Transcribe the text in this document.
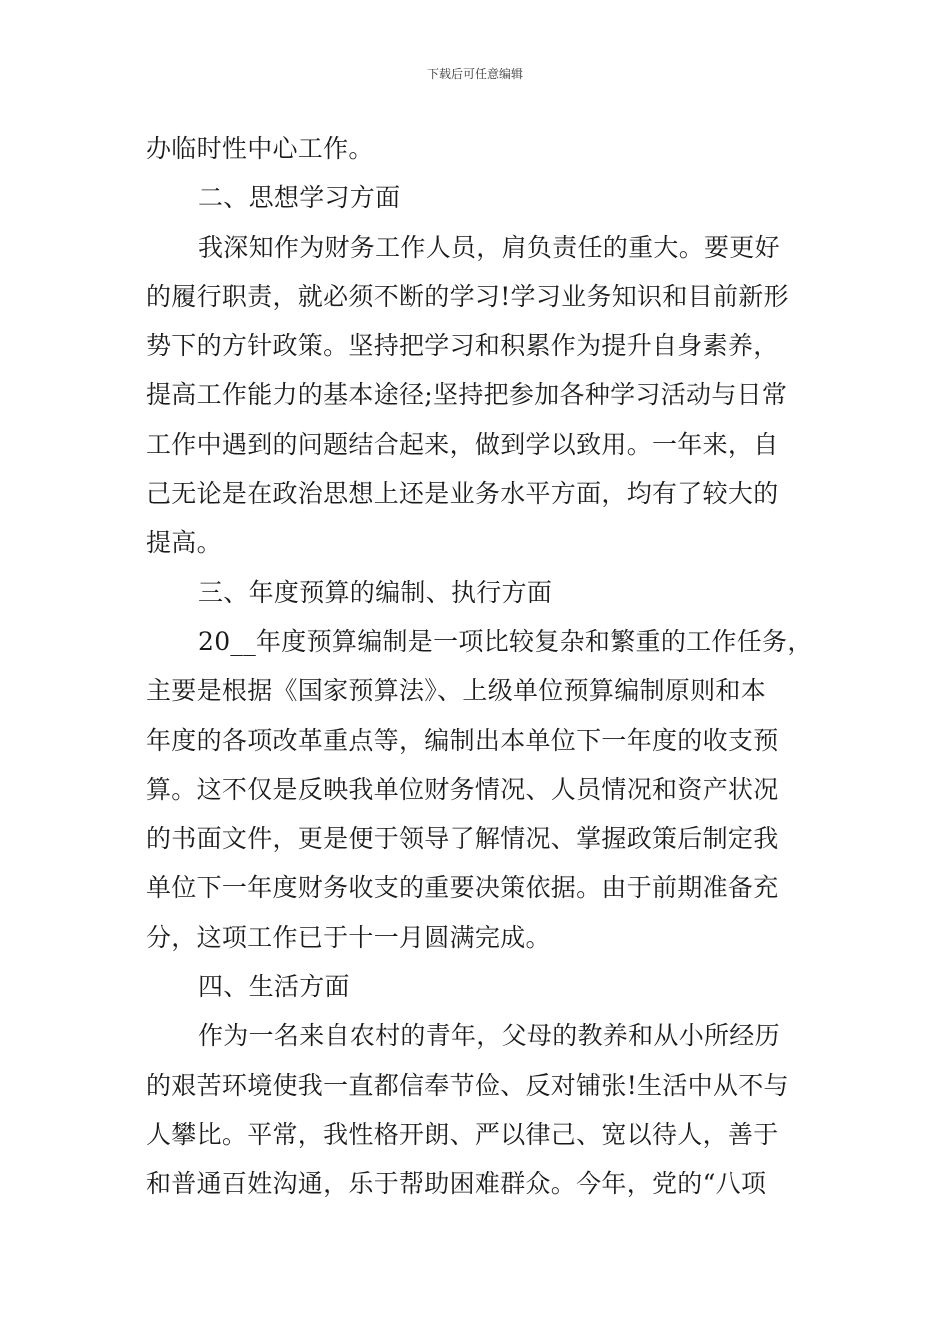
下载后可任意编辑
办临时性中心工作。
二、思想学习方面
我深知作为财务工作人员，肩负责任的重大。要更好
的履行职责，就必须不断的学习!学习业务知识和目前新形
势下的方针政策。坚持把学习和积累作为提升自身素养，
提高工作能力的基本途径;坚持把参加各种学习活动与日常
工作中遇到的问题结合起来，做到学以致用。一年来，自
己无论是在政治思想上还是业务水平方面，均有了较大的
提高。
三、年度预算的编制、执行方面
20__年度预算编制是一项比较复杂和繁重的工作任务，
主要是根据《国家预算法》、上级单位预算编制原则和本
年度的各项改革重点等，编制出本单位下一年度的收支预
算。这不仅是反映我单位财务情况、人员情况和资产状况
的书面文件，更是便于领导了解情况、掌握政策后制定我
单位下一年度财务收支的重要决策依据。由于前期准备充
分，这项工作已于十一月圆满完成。
四、生活方面
作为一名来自农村的青年，父母的教养和从小所经历
的艰苦环境使我一直都信奉节俭、反对铺张!生活中从不与
人攀比。平常，我性格开朗、严以律己、宽以待人，善于
和普通百姓沟通，乐于帮助困难群众。今年，党的“八项
